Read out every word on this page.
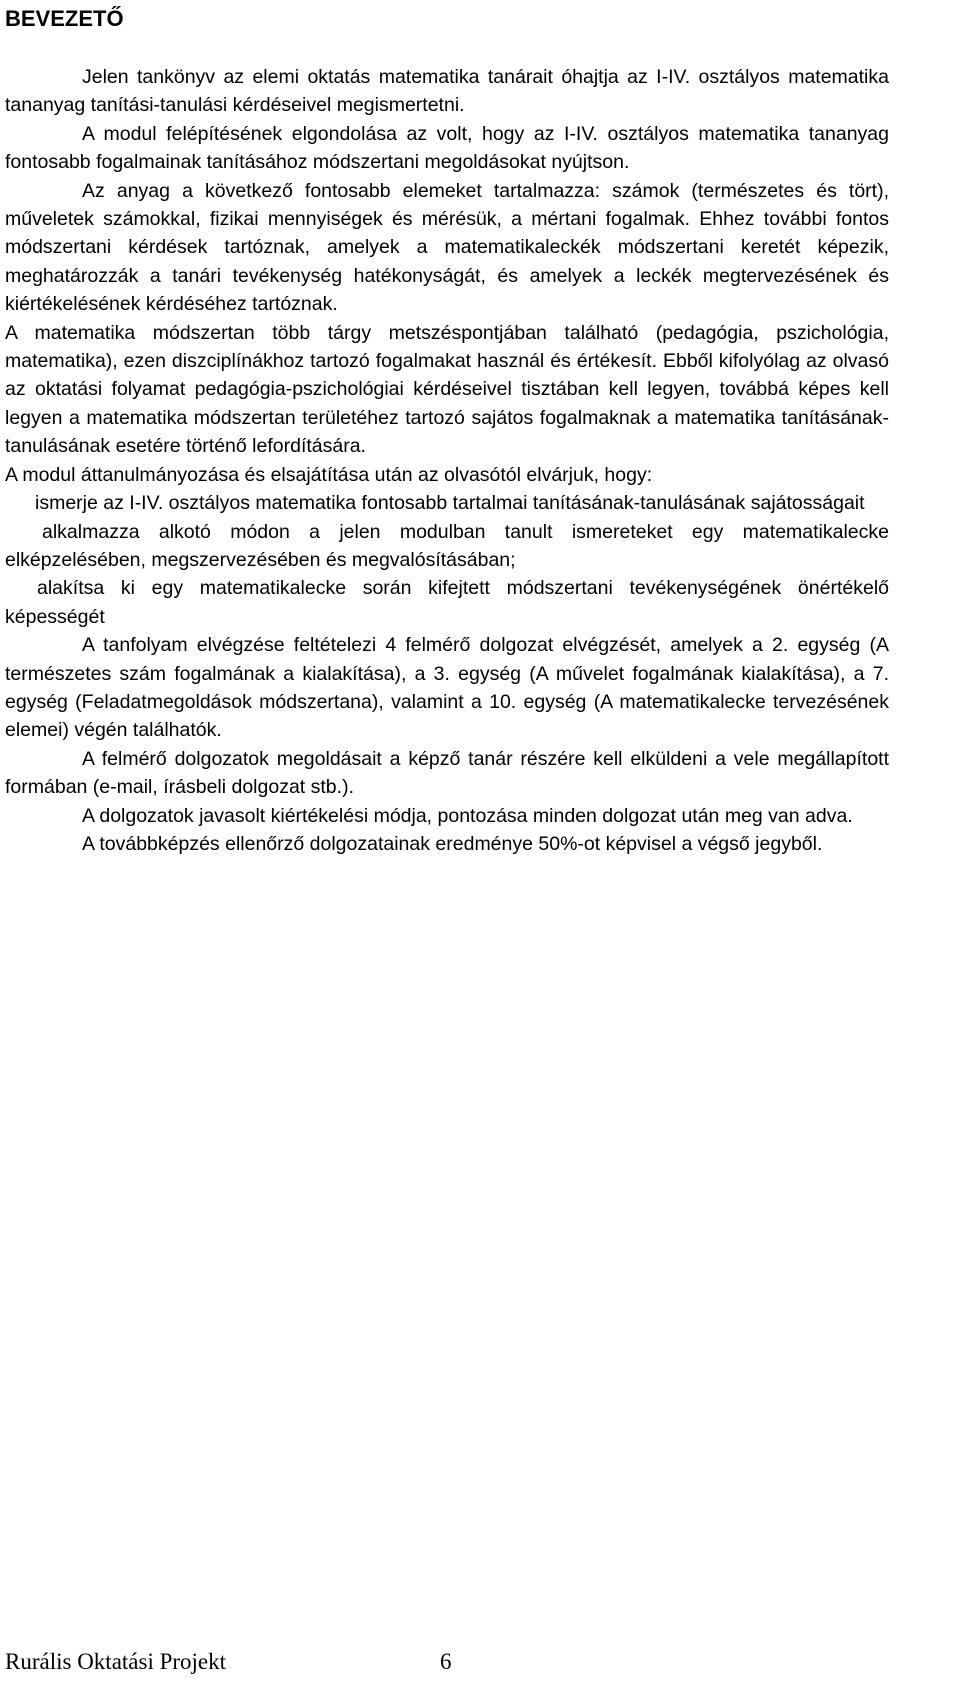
BEVEZETŐ

Jelen tankönyv az elemi oktatás matematika tanárait óhajtja az I-IV. osztályos matematika tananyag tanítási-tanulási kérdéseivel megismertetni.

A modul felépítésének elgondolása az volt, hogy az I-IV. osztályos matematika tananyag fontosabb fogalmainak tanításához módszertani megoldásokat nyújtson.

Az anyag a következő fontosabb elemeket tartalmazza: számok (természetes és tört), műveletek számokkal, fizikai mennyiségek és mérésük, a mértani fogalmak. Ehhez további fontos módszertani kérdések tartóznak, amelyek a matematikaleckék módszertani keretét képezik, meghatározzák a tanári tevékenység hatékonyságát, és amelyek a leckék megtervezésének és kiértékelésének kérdéséhez tartóznak.

A matematika módszertan több tárgy metszéspontjában található (pedagógia, pszichológia, matematika), ezen diszciplínákhoz tartozó fogalmakat használ és értékesít. Ebből kifolyólag az olvasó az oktatási folyamat pedagógia-pszichológiai kérdéseivel tisztában kell legyen, továbbá képes kell legyen a matematika módszertan területéhez tartozó sajátos fogalmaknak a matematika tanításának-tanulásának esetére történő lefordítására.

A modul áttanulmányozása és elsajátítása után az olvasótól elvárjuk, hogy:

ismerje az I-IV. osztályos matematika fontosabb tartalmai tanításának-tanulásának sajátosságait

alkalmazza alkotó módon a jelen modulban tanult ismereteket egy matematikalecke elképzelésében, megszervezésében és megvalósításában;

alakítsa ki egy matematikalecke során kifejtett módszertani tevékenységének önértékelő képességét

A tanfolyam elvégzése feltételezi 4 felmérő dolgozat elvégzését, amelyek a 2. egység (A természetes szám fogalmának a kialakítása), a 3. egység (A művelet fogalmának kialakítása), a 7. egység (Feladatmegoldások módszertana), valamint a 10. egység (A matematikalecke tervezésének elemei) végén találhatók.

A felmérő dolgozatok megoldásait a képző tanár részére kell elküldeni a vele megállapított formában (e-mail, írásbeli dolgozat stb.).

A dolgozatok javasolt kiértékelési módja, pontozása minden dolgozat után meg van adva.

A továbbképzés ellenőrző dolgozatainak eredménye 50%-ot képvisel a végső jegyből.

Rurális Oktatási Projekt	6
